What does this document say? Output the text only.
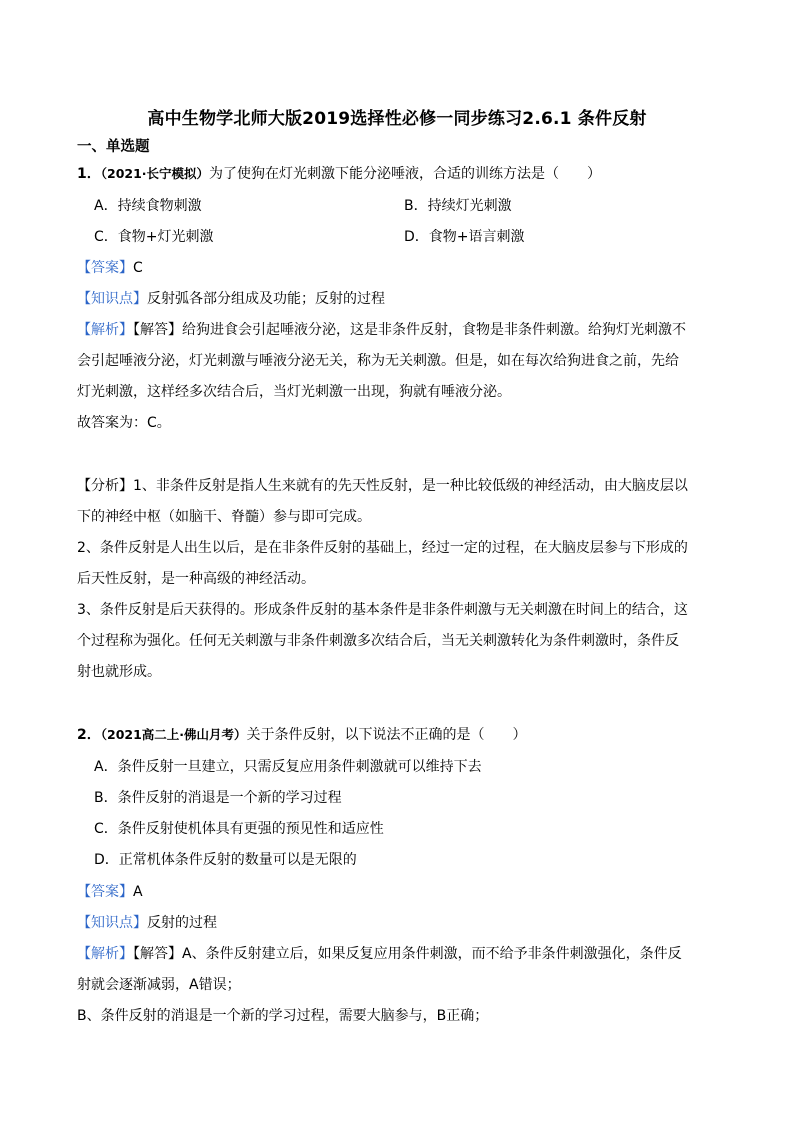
高中生物学北师大版2019选择性必修一同步练习2.6.1 条件反射
一、单选题
1．（2021·长宁模拟）为了使狗在灯光刺激下能分泌唾液，合适的训练方法是（　　）
A．持续食物刺激	B．持续灯光刺激
C．食物+灯光刺激	D．食物+语言刺激
【答案】C
【知识点】反射弧各部分组成及功能；反射的过程
【解析】【解答】给狗进食会引起唾液分泌，这是非条件反射，食物是非条件刺激。给狗灯光刺激不
会引起唾液分泌，灯光刺激与唾液分泌无关，称为无关刺激。但是，如在每次给狗进食之前，先给
灯光刺激，这样经多次结合后，当灯光刺激一出现，狗就有唾液分泌。
故答案为：C。
【分析】1、非条件反射是指人生来就有的先天性反射，是一种比较低级的神经活动，由大脑皮层以
下的神经中枢（如脑干、脊髓）参与即可完成。
2、条件反射是人出生以后，是在非条件反射的基础上，经过一定的过程，在大脑皮层参与下形成的
后天性反射，是一种高级的神经活动。
3、条件反射是后天获得的。形成条件反射的基本条件是非条件刺激与无关刺激在时间上的结合，这
个过程称为强化。任何无关刺激与非条件刺激多次结合后，当无关刺激转化为条件刺激时，条件反
射也就形成。
2．（2021高二上·佛山月考）关于条件反射，以下说法不正确的是（　　）
A．条件反射一旦建立，只需反复应用条件刺激就可以维持下去
B．条件反射的消退是一个新的学习过程
C．条件反射使机体具有更强的预见性和适应性
D．正常机体条件反射的数量可以是无限的
【答案】A
【知识点】反射的过程
【解析】【解答】A、条件反射建立后，如果反复应用条件刺激，而不给予非条件刺激强化，条件反
射就会逐渐减弱，A错误；
B、条件反射的消退是一个新的学习过程，需要大脑参与，B正确；
